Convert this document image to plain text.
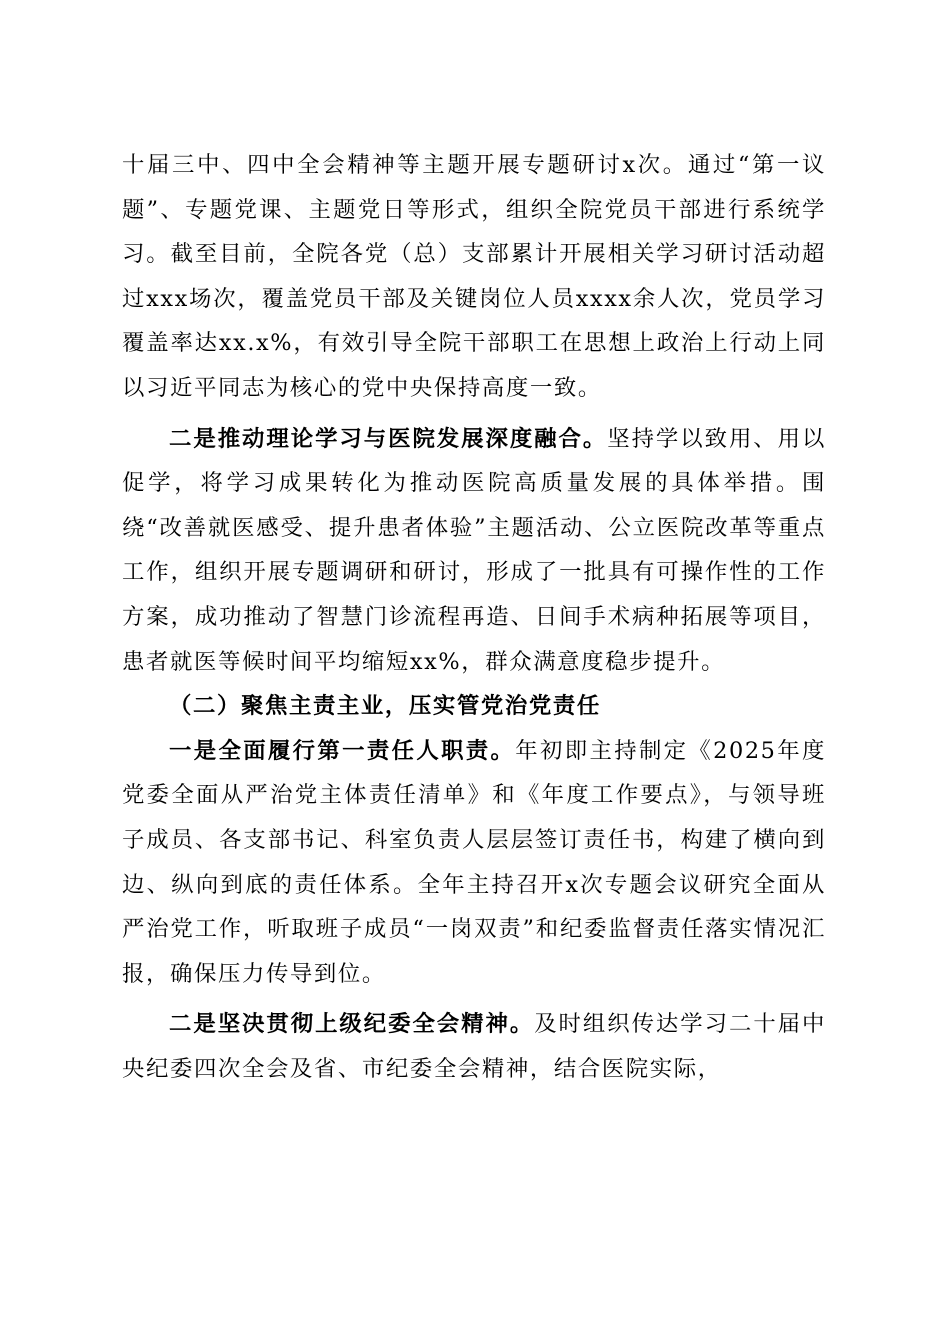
十届三中、四中全会精神等主题开展专题研讨x次。通过“第一议题”、专题党课、主题党日等形式，组织全院党员干部进行系统学习。截至目前，全院各党（总）支部累计开展相关学习研讨活动超过xxx场次，覆盖党员干部及关键岗位人员xxxx余人次，党员学习覆盖率达xx.x%，有效引导全院干部职工在思想上政治上行动上同以习近平同志为核心的党中央保持高度一致。

二是推动理论学习与医院发展深度融合。坚持学以致用、用以促学，将学习成果转化为推动医院高质量发展的具体举措。围绕“改善就医感受、提升患者体验”主题活动、公立医院改革等重点工作，组织开展专题调研和研讨，形成了一批具有可操作性的工作方案，成功推动了智慧门诊流程再造、日间手术病种拓展等项目，患者就医等候时间平均缩短xx%，群众满意度稳步提升。

（二）聚焦主责主业，压实管党治党责任

一是全面履行第一责任人职责。年初即主持制定《2025年度党委全面从严治党主体责任清单》和《年度工作要点》，与领导班子成员、各支部书记、科室负责人层层签订责任书，构建了横向到边、纵向到底的责任体系。全年主持召开x次专题会议研究全面从严治党工作，听取班子成员“一岗双责”和纪委监督责任落实情况汇报，确保压力传导到位。

二是坚决贯彻上级纪委全会精神。及时组织传达学习二十届中央纪委四次全会及省、市纪委全会精神，结合医院实际，
